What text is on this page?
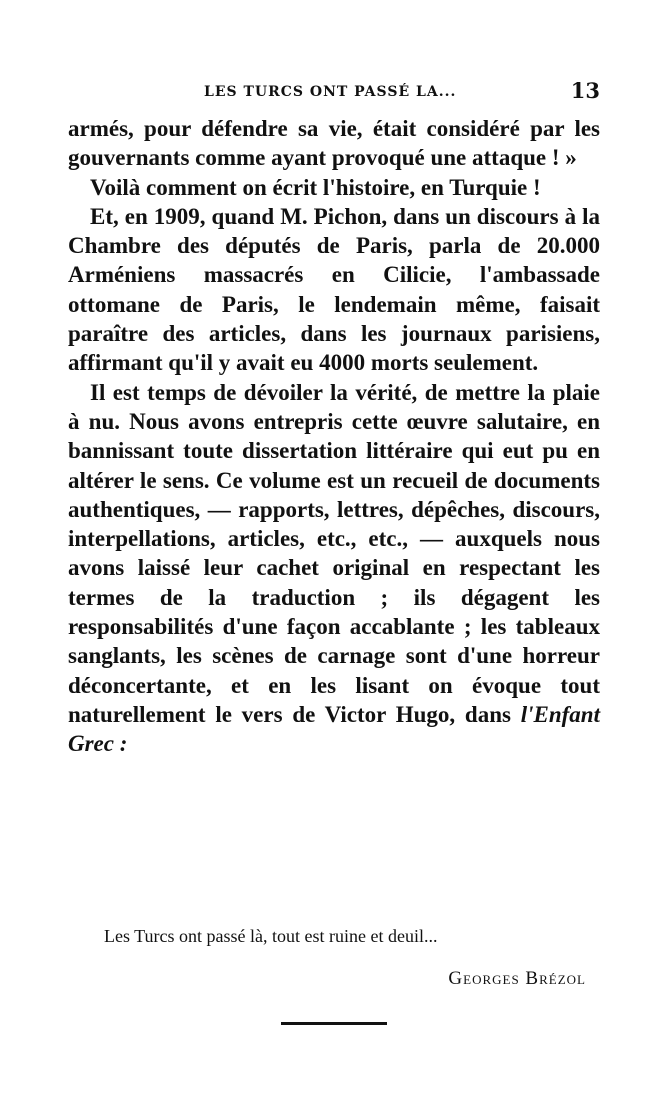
LES TURCS ONT PASSÉ LA...	13

armés, pour défendre sa vie, était considéré par les gouvernants comme ayant provoqué une attaque ! »

Voilà comment on écrit l'histoire, en Turquie !

Et, en 1909, quand M. Pichon, dans un discours à la Chambre des députés de Paris, parla de 20.000 Arméniens massacrés en Cilicie, l'ambassade ottomane de Paris, le lendemain même, faisait paraître des articles, dans les journaux parisiens, affirmant qu'il y avait eu 4000 morts seulement.

Il est temps de dévoiler la vérité, de mettre la plaie à nu. Nous avons entrepris cette œuvre salutaire, en bannissant toute dissertation littéraire qui eut pu en altérer le sens. Ce volume est un recueil de documents authentiques, — rapports, lettres, dépêches, discours, interpellations, articles, etc., etc., — auxquels nous avons laissé leur cachet original en respectant les termes de la traduction ; ils dégagent les responsabilités d'une façon accablante ; les tableaux sanglants, les scènes de carnage sont d'une horreur déconcertante, et en les lisant on évoque tout naturellement le vers de Victor Hugo, dans l'Enfant Grec :

Les Turcs ont passé là, tout est ruine et deuil...
Georges Brézol
